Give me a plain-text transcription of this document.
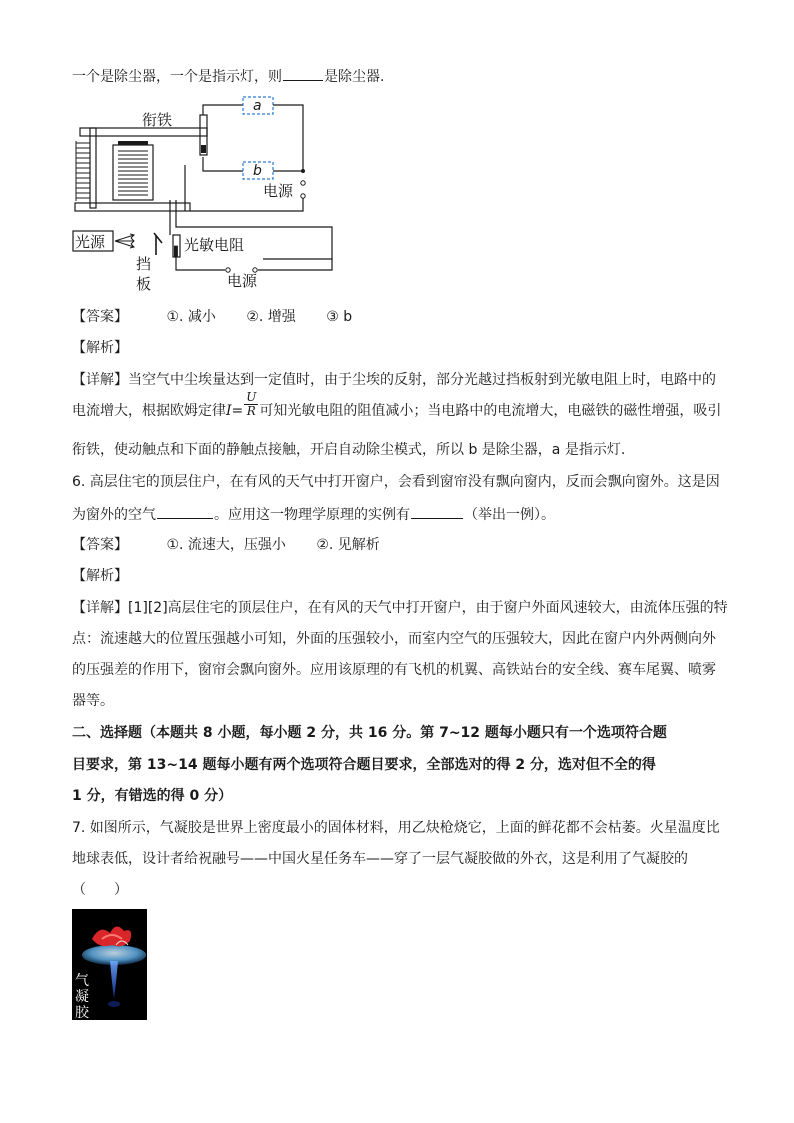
一个是除尘器，一个是指示灯，则	是除尘器.
衔铁
a
b
电源
光源
▌ 光敏电阻
电源
挡
板
【答案】	①. 减小 ②. 增强 ③ b
【解析】
【详解】当空气中尘埃量达到一定值时，由于尘埃的反射，部分光越过挡板射到光敏电阻上时，电路中的
电流增大，根据欧姆定律$I= \frac{U}{R}$ 可知光敏电阻的阻值减小；当电路中的电流增大，电磁铁的磁性增强，吸引
衔铁，使动触点和下面的静触点接触，开启自动除尘模式，所以 b 是除尘器，a 是指示灯.
6. 高层住宅的顶层住户，在有风的天气中打开窗户，会看到窗帘没有飘向窗内，反而会飘向窗外。这是因
为窗外的空气	。应用这一物理学原理的实例有	（举出一例）。
【答案】	①. 流速大，压强小 ②. 见解析
【解析】
【详解】[1][2]高层住宅的顶层住户，在有风的天气中打开窗户，由于窗户外面风速较大，由流体压强的特
点：流速越大的位置压强越小可知，外面的压强较小，而室内空气的压强较大，因此在窗户内外两侧向外
的压强差的作用下，窗帘会飘向窗外。应用该原理的有飞机的机翼、高铁站台的安全线、赛车尾翼、喷雾
器等。
二、选择题（本题共 8 小题，每小题 2 分，共 16 分。第 7~12 题每小题只有一个选项符合题
目要求，第 13~14 题每小题有两个选项符合题目要求，全部选对的得 2 分，选对但不全的得
1 分，有错选的得 0 分）
7. 如图所示，气凝胶是世界上密度最小的固体材料，用乙炔枪烧它，上面的鲜花都不会枯萎。火星温度比
地球表低，设计者给祝融号——中国火星任务车——穿了一层气凝胶做的外衣，这是利用了气凝胶的
（　　）
气凝胶
